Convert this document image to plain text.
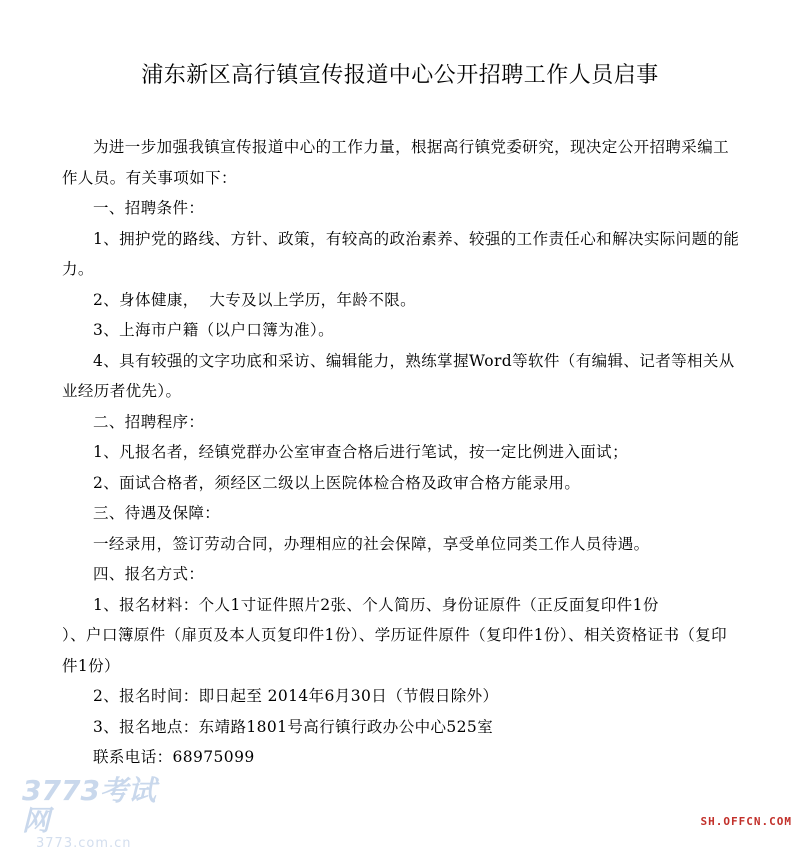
浦东新区高行镇宣传报道中心公开招聘工作人员启事

为进一步加强我镇宣传报道中心的工作力量，根据高行镇党委研究，现决定公开招聘采编工作人员。有关事项如下：

一、招聘条件：

1、拥护党的路线、方针、政策，有较高的政治素养、较强的工作责任心和解决实际问题的能力。

2、身体健康，  大专及以上学历，年龄不限。

3、上海市户籍（以户口簿为准）。

4、具有较强的文字功底和采访、编辑能力，熟练掌握Word等软件（有编辑、记者等相关从业经历者优先）。

二、招聘程序：

1、凡报名者，经镇党群办公室审查合格后进行笔试，按一定比例进入面试；

2、面试合格者，须经区二级以上医院体检合格及政审合格方能录用。

三、待遇及保障：

一经录用，签订劳动合同，办理相应的社会保障，享受单位同类工作人员待遇。

四、报名方式：

1、报名材料：个人1寸证件照片2张、个人简历、身份证原件（正反面复印件1份

）、户口簿原件（扉页及本人页复印件1份）、学历证件原件（复印件1份）、相关资格证书（复印件1份）

2、报名时间：即日起至 2014年6月30日（节假日除外）

3、报名地点：东靖路1801号高行镇行政办公中心525室

联系电话：68975099

3773考试网
3773.com.cn
SH.OFFCN.COM
